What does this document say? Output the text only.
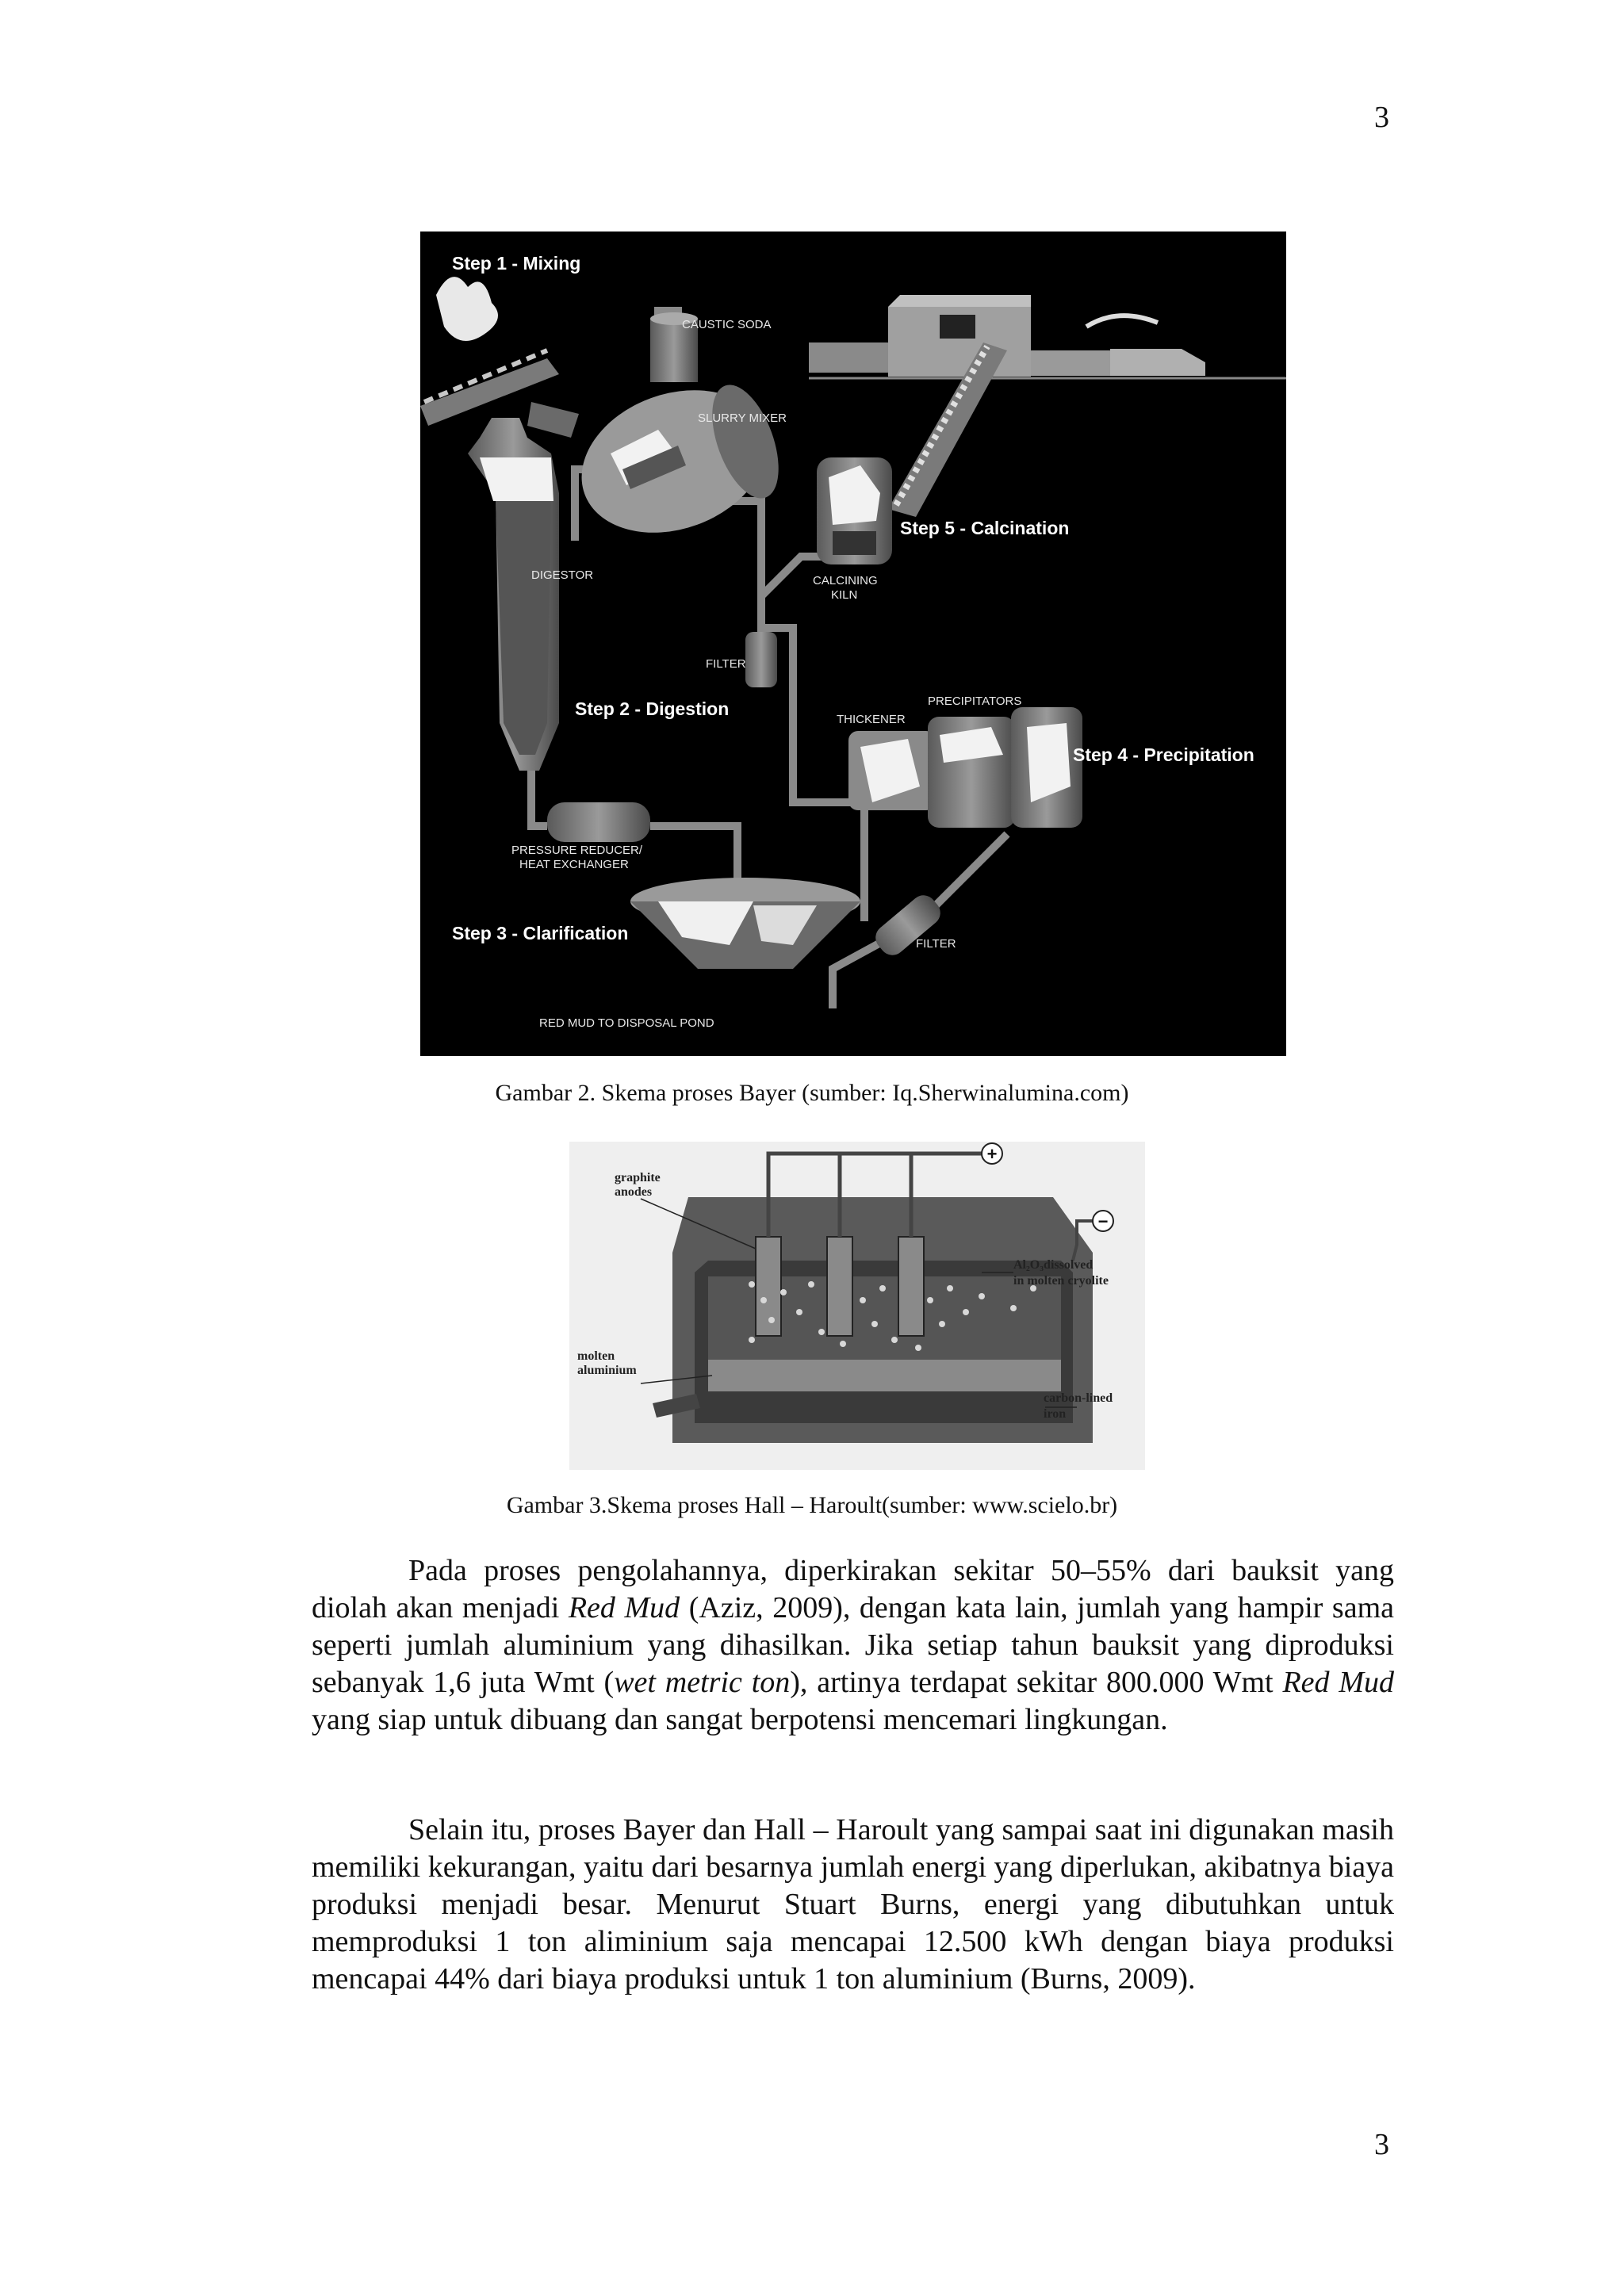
3
Step 1 - Mixing
Step 2 - Digestion
Step 3 - Clarification
Step 4 - Precipitation
Step 5 - Calcination
CAUSTIC SODA
SLURRY MIXER
DIGESTOR
FILTER
CALCINING
KILN
THICKENER
PRECIPITATORS
PRESSURE REDUCER/
HEAT EXCHANGER
FILTER
RED MUD TO DISPOSAL POND
Gambar 2. Skema proses Bayer (sumber: Iq.Sherwinalumina.com)
+
−
graphite
anodes
Al₂O₃dissolved
in molten cryolite
molten
aluminium
carbon-lined
iron
Gambar 3.Skema proses Hall – Haroult(sumber: www.scielo.br)

Pada proses pengolahannya, diperkirakan sekitar 50–55% dari bauksit yang diolah akan menjadi Red Mud (Aziz, 2009), dengan kata lain, jumlah yang hampir sama seperti jumlah aluminium yang dihasilkan. Jika setiap tahun bauksit yang diproduksi sebanyak 1,6 juta Wmt (wet metric ton), artinya terdapat sekitar 800.000 Wmt Red Mud yang siap untuk dibuang dan sangat berpotensi mencemari lingkungan.

Selain itu, proses Bayer dan Hall – Haroult yang sampai saat ini digunakan masih memiliki kekurangan, yaitu dari besarnya jumlah energi yang diperlukan, akibatnya biaya produksi menjadi besar. Menurut Stuart Burns, energi yang dibutuhkan untuk memproduksi 1 ton aliminium saja mencapai 12.500 kWh dengan biaya produksi mencapai 44% dari biaya produksi untuk 1 ton aluminium (Burns, 2009).

3
